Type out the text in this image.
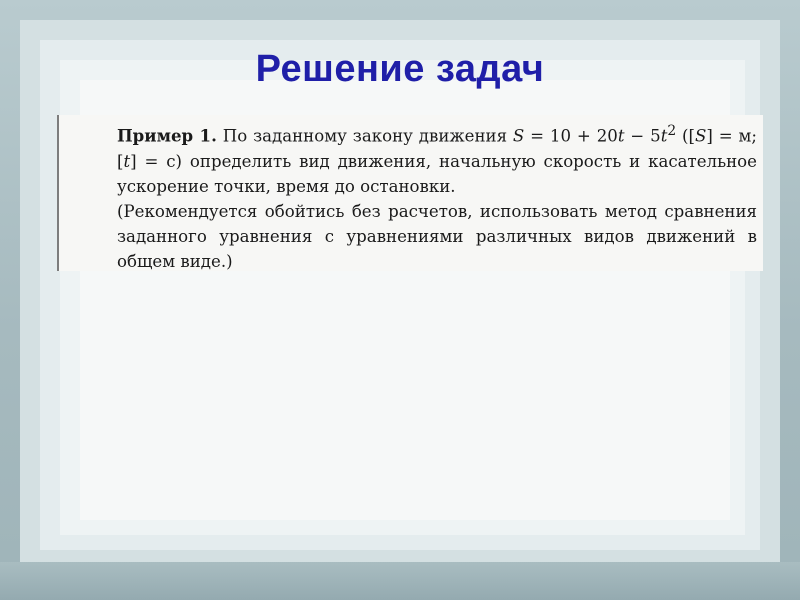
Решение задач

Пример 1. По заданному закону движения $S = 10 + 20t - 5t^2$ ([S] = м; [t] = с) определить вид движения, начальную скорость и касательное ускорение точки, время до остановки.

(Рекомендуется обойтись без расчетов, использовать метод сравнения заданного уравнения с уравнениями различных видов движений в общем виде.)
